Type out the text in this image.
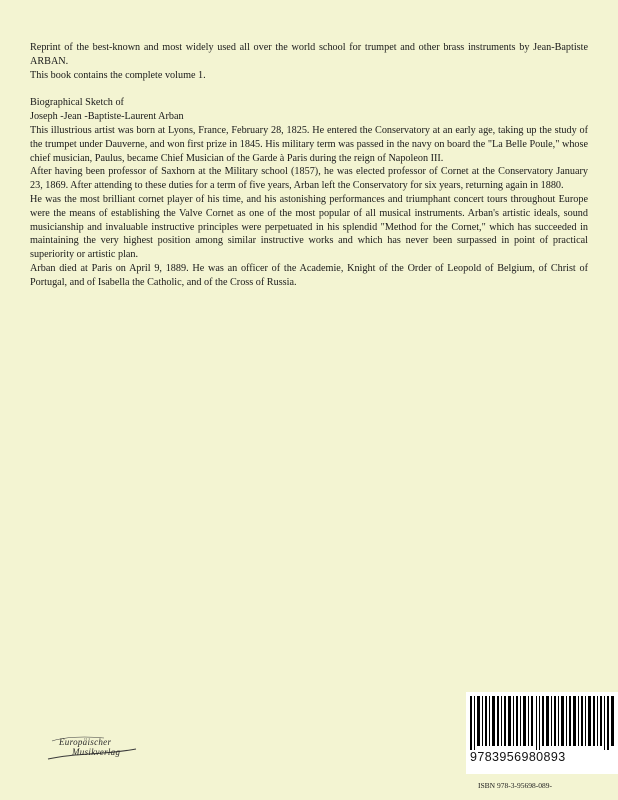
Reprint of the best-known and most widely used all over the world school for trumpet and other brass instruments by Jean-Baptiste ARBAN.

This book contains the complete volume 1.

Biographical Sketch of

Joseph -Jean -Baptiste-Laurent Arban

This illustrious artist was born at Lyons, France, February 28, 1825. He entered the Conservatory at an early age, taking up the study of the trumpet under Dauverne, and won first prize in 1845. His military term was passed in the navy on board the "La Belle Poule," whose chief musician, Paulus, became Chief Musician of the Garde à Paris during the reign of Napoleon III.

After having been professor of Saxhorn at the Military school (1857), he was elected professor of Cornet at the Conservatory January 23, 1869. After attending to these duties for a term of five years, Arban left the Conservatory for six years, returning again in 1880.

He was the most brilliant cornet player of his time, and his astonishing performances and triumphant concert tours throughout Europe were the means of establishing the Valve Cornet as one of the most popular of all musical instruments. Arban's artistic ideals, sound musicianship and invaluable instructive principles were perpetuated in his splendid "Method for the Cornet," which has succeeded in maintaining the very highest position among similar instructive works and which has never been surpassed in point of practical superiority or artistic plan.

Arban died at Paris on April 9, 1889. He was an officer of the Academie, Knight of the Order of Leopold of Belgium, of Christ of Portugal, and of Isabella the Catholic, and of the Cross of Russia.

Europäischer
Musikverlag	9783956980893
ISBN 978-3-95698-089-
